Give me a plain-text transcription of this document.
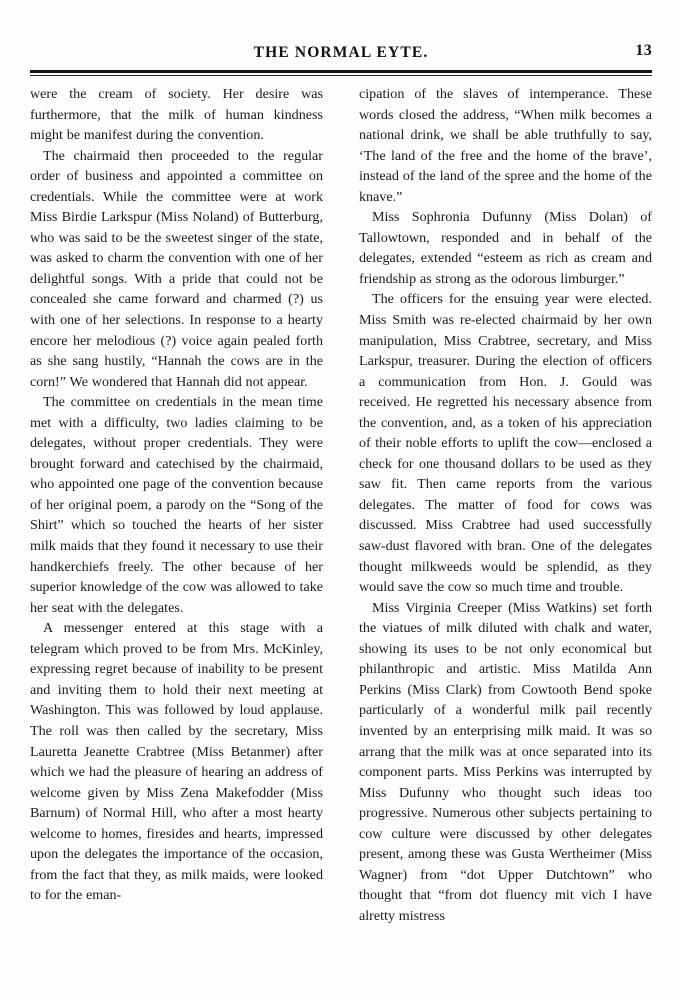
THE NORMAL EYTE.	13

were the cream of society. Her desire was furthermore, that the milk of human kindness might be manifest during the convention.

The chairmaid then proceeded to the regular order of business and appointed a committee on credentials. While the committee were at work Miss Birdie Larkspur (Miss Noland) of Butterburg, who was said to be the sweetest singer of the state, was asked to charm the convention with one of her delightful songs. With a pride that could not be concealed she came forward and charmed (?) us with one of her selections. In response to a hearty encore her melodious (?) voice again pealed forth as she sang hustily, “Hannah the cows are in the corn!” We wondered that Hannah did not appear.

The committee on credentials in the mean time met with a difficulty, two ladies claiming to be delegates, without proper credentials. They were brought forward and catechised by the chairmaid, who appointed one page of the convention because of her original poem, a parody on the “Song of the Shirt” which so touched the hearts of her sister milk maids that they found it necessary to use their handkerchiefs freely. The other because of her superior knowledge of the cow was allowed to take her seat with the delegates.

A messenger entered at this stage with a telegram which proved to be from Mrs. McKinley, expressing regret because of inability to be present and inviting them to hold their next meeting at Washington. This was followed by loud applause. The roll was then called by the secretary, Miss Lauretta Jeanette Crabtree (Miss Betanmer) after which we had the pleasure of hearing an address of welcome given by Miss Zena Makefodder (Miss Barnum) of Normal Hill, who after a most hearty welcome to homes, firesides and hearts, impressed upon the delegates the importance of the occasion, from the fact that they, as milk maids, were looked to for the eman-

cipation of the slaves of intemperance. These words closed the address, “When milk becomes a national drink, we shall be able truthfully to say, ‘The land of the free and the home of the brave’, instead of the land of the spree and the home of the knave.”

Miss Sophronia Dufunny (Miss Dolan) of Tallowtown, responded and in behalf of the delegates, extended “esteem as rich as cream and friendship as strong as the odorous limburger.”

The officers for the ensuing year were elected. Miss Smith was re-elected chairmaid by her own manipulation, Miss Crabtree, secretary, and Miss Larkspur, treasurer. During the election of officers a communication from Hon. J. Gould was received. He regretted his necessary absence from the convention, and, as a token of his appreciation of their noble efforts to uplift the cow—enclosed a check for one thousand dollars to be used as they saw fit. Then came reports from the various delegates. The matter of food for cows was discussed. Miss Crabtree had used successfully saw-dust flavored with bran. One of the delegates thought milkweeds would be splendid, as they would save the cow so much time and trouble.

Miss Virginia Creeper (Miss Watkins) set forth the viatues of milk diluted with chalk and water, showing its uses to be not only economical but philanthropic and artistic. Miss Matilda Ann Perkins (Miss Clark) from Cowtooth Bend spoke particularly of a wonderful milk pail recently invented by an enterprising milk maid. It was so arrang that the milk was at once separated into its component parts. Miss Perkins was interrupted by Miss Dufunny who thought such ideas too progressive. Numerous other subjects pertaining to cow culture were discussed by other delegates present, among these was Gusta Wertheimer (Miss Wagner) from “dot Upper Dutchtown” who thought that “from dot fluency mit vich I have alretty mistress
